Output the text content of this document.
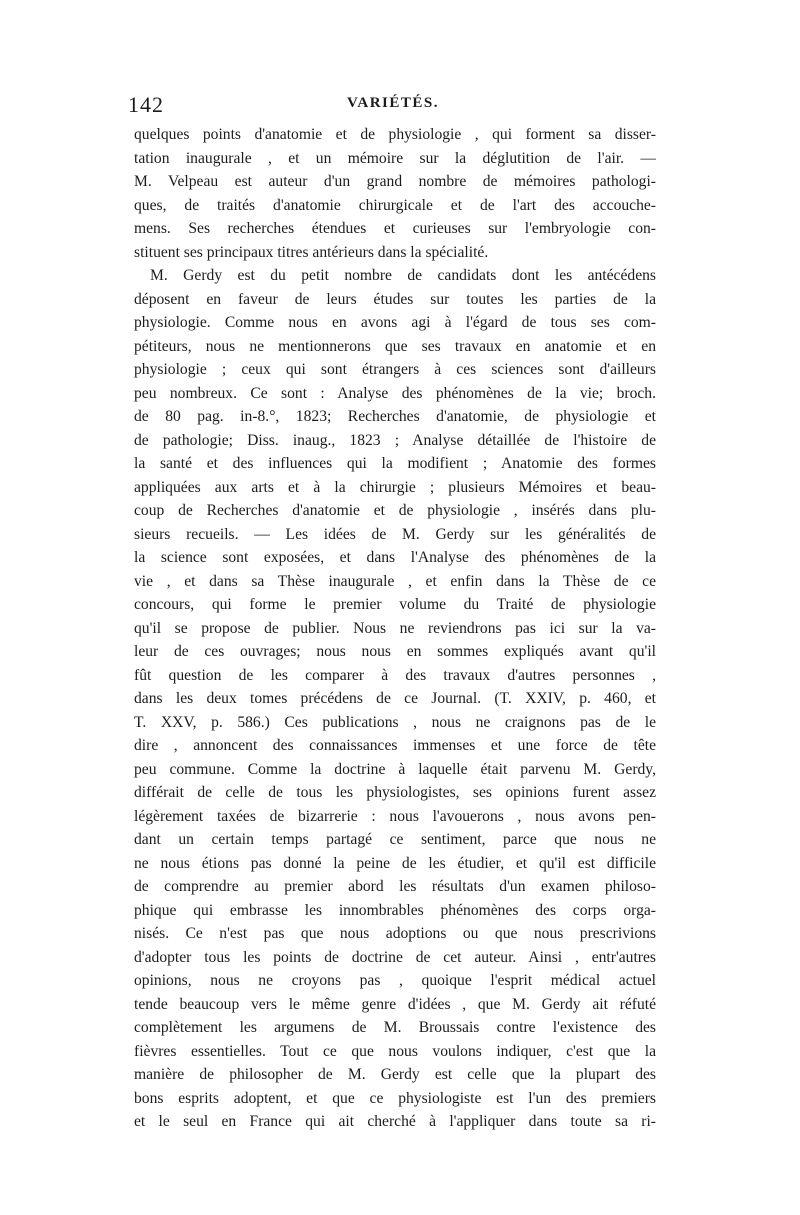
142	VARIÉTÉS.
quelques points d'anatomie et de physiologie , qui forment sa disser-
tation inaugurale , et un mémoire sur la déglutition de l'air. —
M. Velpeau est auteur d'un grand nombre de mémoires pathologi-
ques, de traités d'anatomie chirurgicale et de l'art des accouche-
mens. Ses recherches étendues et curieuses sur l'embryologie con-
stituent ses principaux titres antérieurs dans la spécialité.
M. Gerdy est du petit nombre de candidats dont les antécédens
déposent en faveur de leurs études sur toutes les parties de la
physiologie. Comme nous en avons agi à l'égard de tous ses com-
pétiteurs, nous ne mentionnerons que ses travaux en anatomie et en
physiologie ; ceux qui sont étrangers à ces sciences sont d'ailleurs
peu nombreux. Ce sont : Analyse des phénomènes de la vie; broch.
de 80 pag. in-8.°, 1823; Recherches d'anatomie, de physiologie et
de pathologie; Diss. inaug., 1823 ; Analyse détaillée de l'histoire de
la santé et des influences qui la modifient ; Anatomie des formes
appliquées aux arts et à la chirurgie ; plusieurs Mémoires et beau-
coup de Recherches d'anatomie et de physiologie , insérés dans plu-
sieurs recueils. — Les idées de M. Gerdy sur les généralités de
la science sont exposées, et dans l'Analyse des phénomènes de la
vie , et dans sa Thèse inaugurale , et enfin dans la Thèse de ce
concours, qui forme le premier volume du Traité de physiologie
qu'il se propose de publier. Nous ne reviendrons pas ici sur la va-
leur de ces ouvrages; nous nous en sommes expliqués avant qu'il
fût question de les comparer à des travaux d'autres personnes ,
dans les deux tomes précédens de ce Journal. (T. XXIV, p. 460, et
T. XXV, p. 586.) Ces publications , nous ne craignons pas de le
dire , annoncent des connaissances immenses et une force de tête
peu commune. Comme la doctrine à laquelle était parvenu M. Gerdy,
différait de celle de tous les physiologistes, ses opinions furent assez
légèrement taxées de bizarrerie : nous l'avouerons , nous avons pen-
dant un certain temps partagé ce sentiment, parce que nous ne
ne nous étions pas donné la peine de les étudier, et qu'il est difficile
de comprendre au premier abord les résultats d'un examen philoso-
phique qui embrasse les innombrables phénomènes des corps orga-
nisés. Ce n'est pas que nous adoptions ou que nous prescrivions
d'adopter tous les points de doctrine de cet auteur. Ainsi , entr'autres
opinions, nous ne croyons pas , quoique l'esprit médical actuel
tende beaucoup vers le même genre d'idées , que M. Gerdy ait réfuté
complètement les argumens de M. Broussais contre l'existence des
fièvres essentielles. Tout ce que nous voulons indiquer, c'est que la
manière de philosopher de M. Gerdy est celle que la plupart des
bons esprits adoptent, et que ce physiologiste est l'un des premiers
et le seul en France qui ait cherché à l'appliquer dans toute sa ri-
